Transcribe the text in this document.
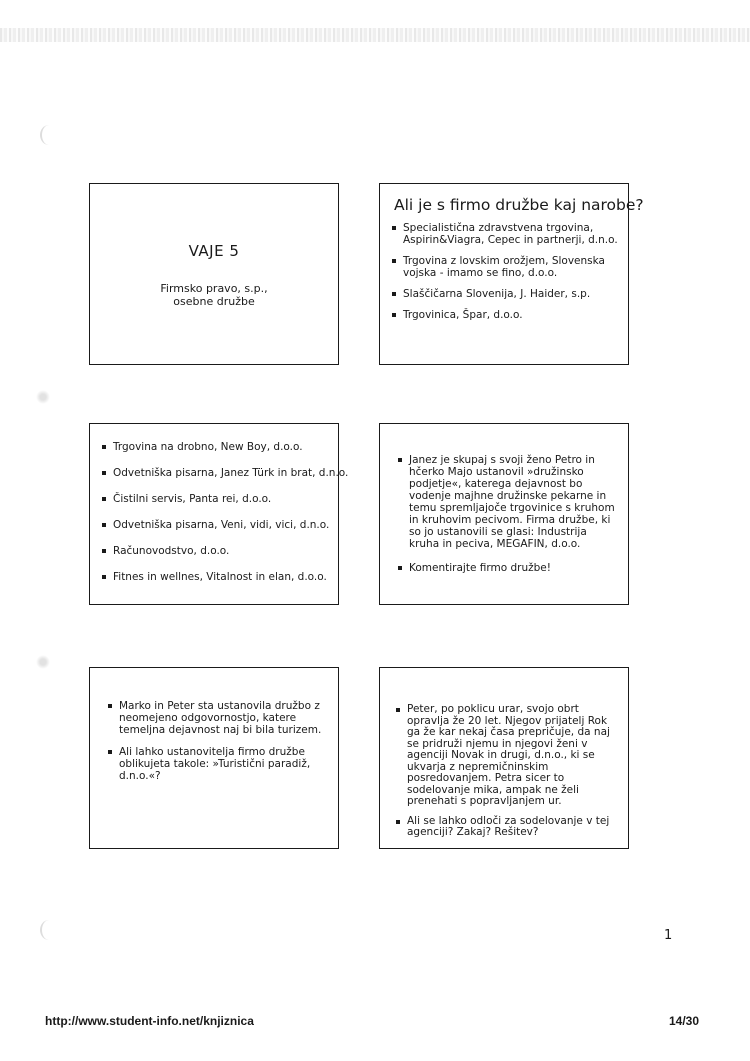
VAJE 5
Firmsko pravo, s.p., osebne družbe
Ali je s firmo družbe kaj narobe?
Specialistična zdravstvena trgovina, Aspirin&Viagra, Cepec in partnerji, d.n.o.
Trgovina z lovskim orožjem, Slovenska vojska - imamo se fino, d.o.o.
Slaščičarna Slovenija, J. Haider, s.p.
Trgovinica, Špar, d.o.o.
Trgovina na drobno, New Boy, d.o.o.
Odvetniška pisarna, Janez Türk in brat, d.n.o.
Čistilni servis, Panta rei, d.o.o.
Odvetniška pisarna, Veni, vidi, vici, d.n.o.
Računovodstvo, d.o.o.
Fitnes in wellnes, Vitalnost in elan, d.o.o.
Janez je skupaj s svoji ženo Petro in hčerko Majo ustanovil »družinsko podjetje«, katerega dejavnost bo vodenje majhne družinske pekarne in temu spremljajoče trgovinice s kruhom in kruhovim pecivom. Firma družbe, ki so jo ustanovili se glasi: Industrija kruha in peciva, MEGAFIN, d.o.o.
Komentirajte firmo družbe!
Marko in Peter sta ustanovila družbo z neomejeno odgovornostjo, katere temeljna dejavnost naj bi bila turizem.
Ali lahko ustanovitelja firmo družbe oblikujeta takole: »Turistični paradiž, d.n.o.«?
Peter, po poklicu urar, svojo obrt opravlja že 20 let. Njegov prijatelj Rok ga že kar nekaj časa prepričuje, da naj se pridruži njemu in njegovi ženi v agenciji Novak in drugi, d.n.o., ki se ukvarja z nepremičninskim posredovanjem. Petra sicer to sodelovanje mika, ampak ne želi prenehati s popravljanjem ur.
Ali se lahko odloči za sodelovanje v tej agenciji? Zakaj? Rešitev?
1
http://www.student-info.net/knjiznica	14/30
